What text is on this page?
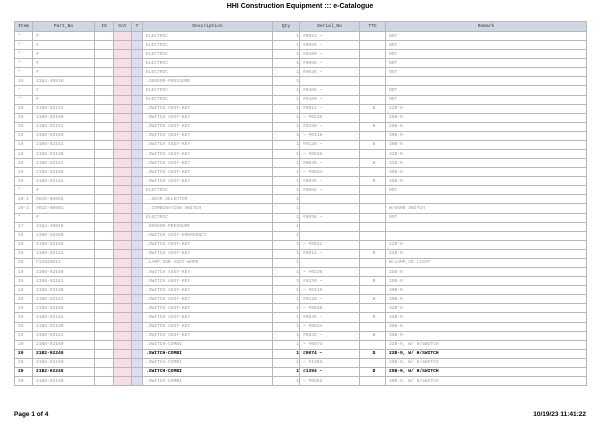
HHI Construction Equipment ::: e-Catalogue
Item	Part_No	IS	Cnt	T	Description	Qty	Serial_No	TTC	Remark
*	#				ELECTRIC	1	#0022 ~		NOT
*	#				ELECTRIC	1	#0055 ~		NOT
*	#				ELECTRIC	1	#0100 ~		NOT
*	#				ELECTRIC	1	#0066 ~		NOT
*	#				ELECTRIC	1	#0036 ~		NOT
15	31Q4-40810				.SENSOR-PRESSURE	1			
*	#				ELECTRIC	1	#0355 ~		NOT
*	#				ELECTRIC	1	#0100 ~		NOT
19	21N8-92181				.SWITCH ASSY-KEY	1	#0012 ~	B	22B-9
19	21N8-92180				.SWITCH ASSY-KEY	1	~ #0238		25B-9
19	21N8-92181				.SWITCH ASSY-KEY	1	#0239 ~	B	25B-9
19	21N8-92180				.SWITCH ASSY-KEY	1	~ #0119		30B-9
19	21N8-92181				.SWITCH ASSY-KEY	1	#0120 ~	B	30B-9
19	21N8-92180				.SWITCH ASSY-KEY	1	~ #0048		32B-9
19	21N8-92181				.SWITCH ASSY-KEY	1	#0049 ~	B	32B-9
19	21N8-92180				.SWITCH ASSY-KEY	1	~ #0034		35B-9
19	21N8-92181				.SWITCH ASSY-KEY	1	#0035 ~	B	35B-9
*	#				ELECTRIC	1	#0066 ~		NOT
20-1	XKCD-00003				..GEAR SELECTOR	1			
20-2	XKCD-00002				..COMBINATION SWITCH	1			W/HORN SWITCH
*	#				ELECTRIC	1	#0036 ~		NOT
17	31Q4-40810				.SENSOR-PRESSURE	1			
18	21N8-20260				.SWITCH ASSY-EMERGENCY	1			
19	21N8-92180				.SWITCH ASSY-KEY	1	~ #0011		22B-9
19	21N8-92181				.SWITCH ASSY-KEY	1	#0012 ~	B	22B-9
29	F12840011				.LAMP SUB ASSY-WORK	1			W/LAMP,CB LIGHT
19	21N8-92180				.SWITCH ASSY-KEY	1	~ #0238		25B-9
19	21N8-92181				.SWITCH ASSY-KEY	1	#0239 ~	B	25B-9
19	21N8-92180				.SWITCH ASSY-KEY	1	~ #0119		30B-9
19	21N8-92181				.SWITCH ASSY-KEY	1	#0120 ~	B	30B-9
19	21N8-92180				.SWITCH ASSY-KEY	1	~ #0048		32B-9
19	21N8-92181				.SWITCH ASSY-KEY	1	#0049 ~	B	32B-9
19	21N8-92180				.SWITCH ASSY-KEY	1	~ #0034		35B-9
19	21N8-92181				.SWITCH ASSY-KEY	1	#0035 ~	B	35B-9
20	21N8-92160				.SWITCH-COMBI	1	~ #0073		22B-9, W/ H/SWITCH
20	21B2-92240				.SWITCH-COMBI	1	#0074 ~	D	22B-9, W/ H/SWITCH
20	21N8-92160				.SWITCH-COMBI	1	~ #1393		25B-9, W/ H/SWITCH
20	21B2-92240				.SWITCH-COMBI	1	#1394 ~	D	25B-9, W/ H/SWITCH
20	21N8-92160				.SWITCH-COMBI	1	~ #0583		30B-9, W/ H/SWITCH
Page 1 of 4	10/19/23 11:41:22
